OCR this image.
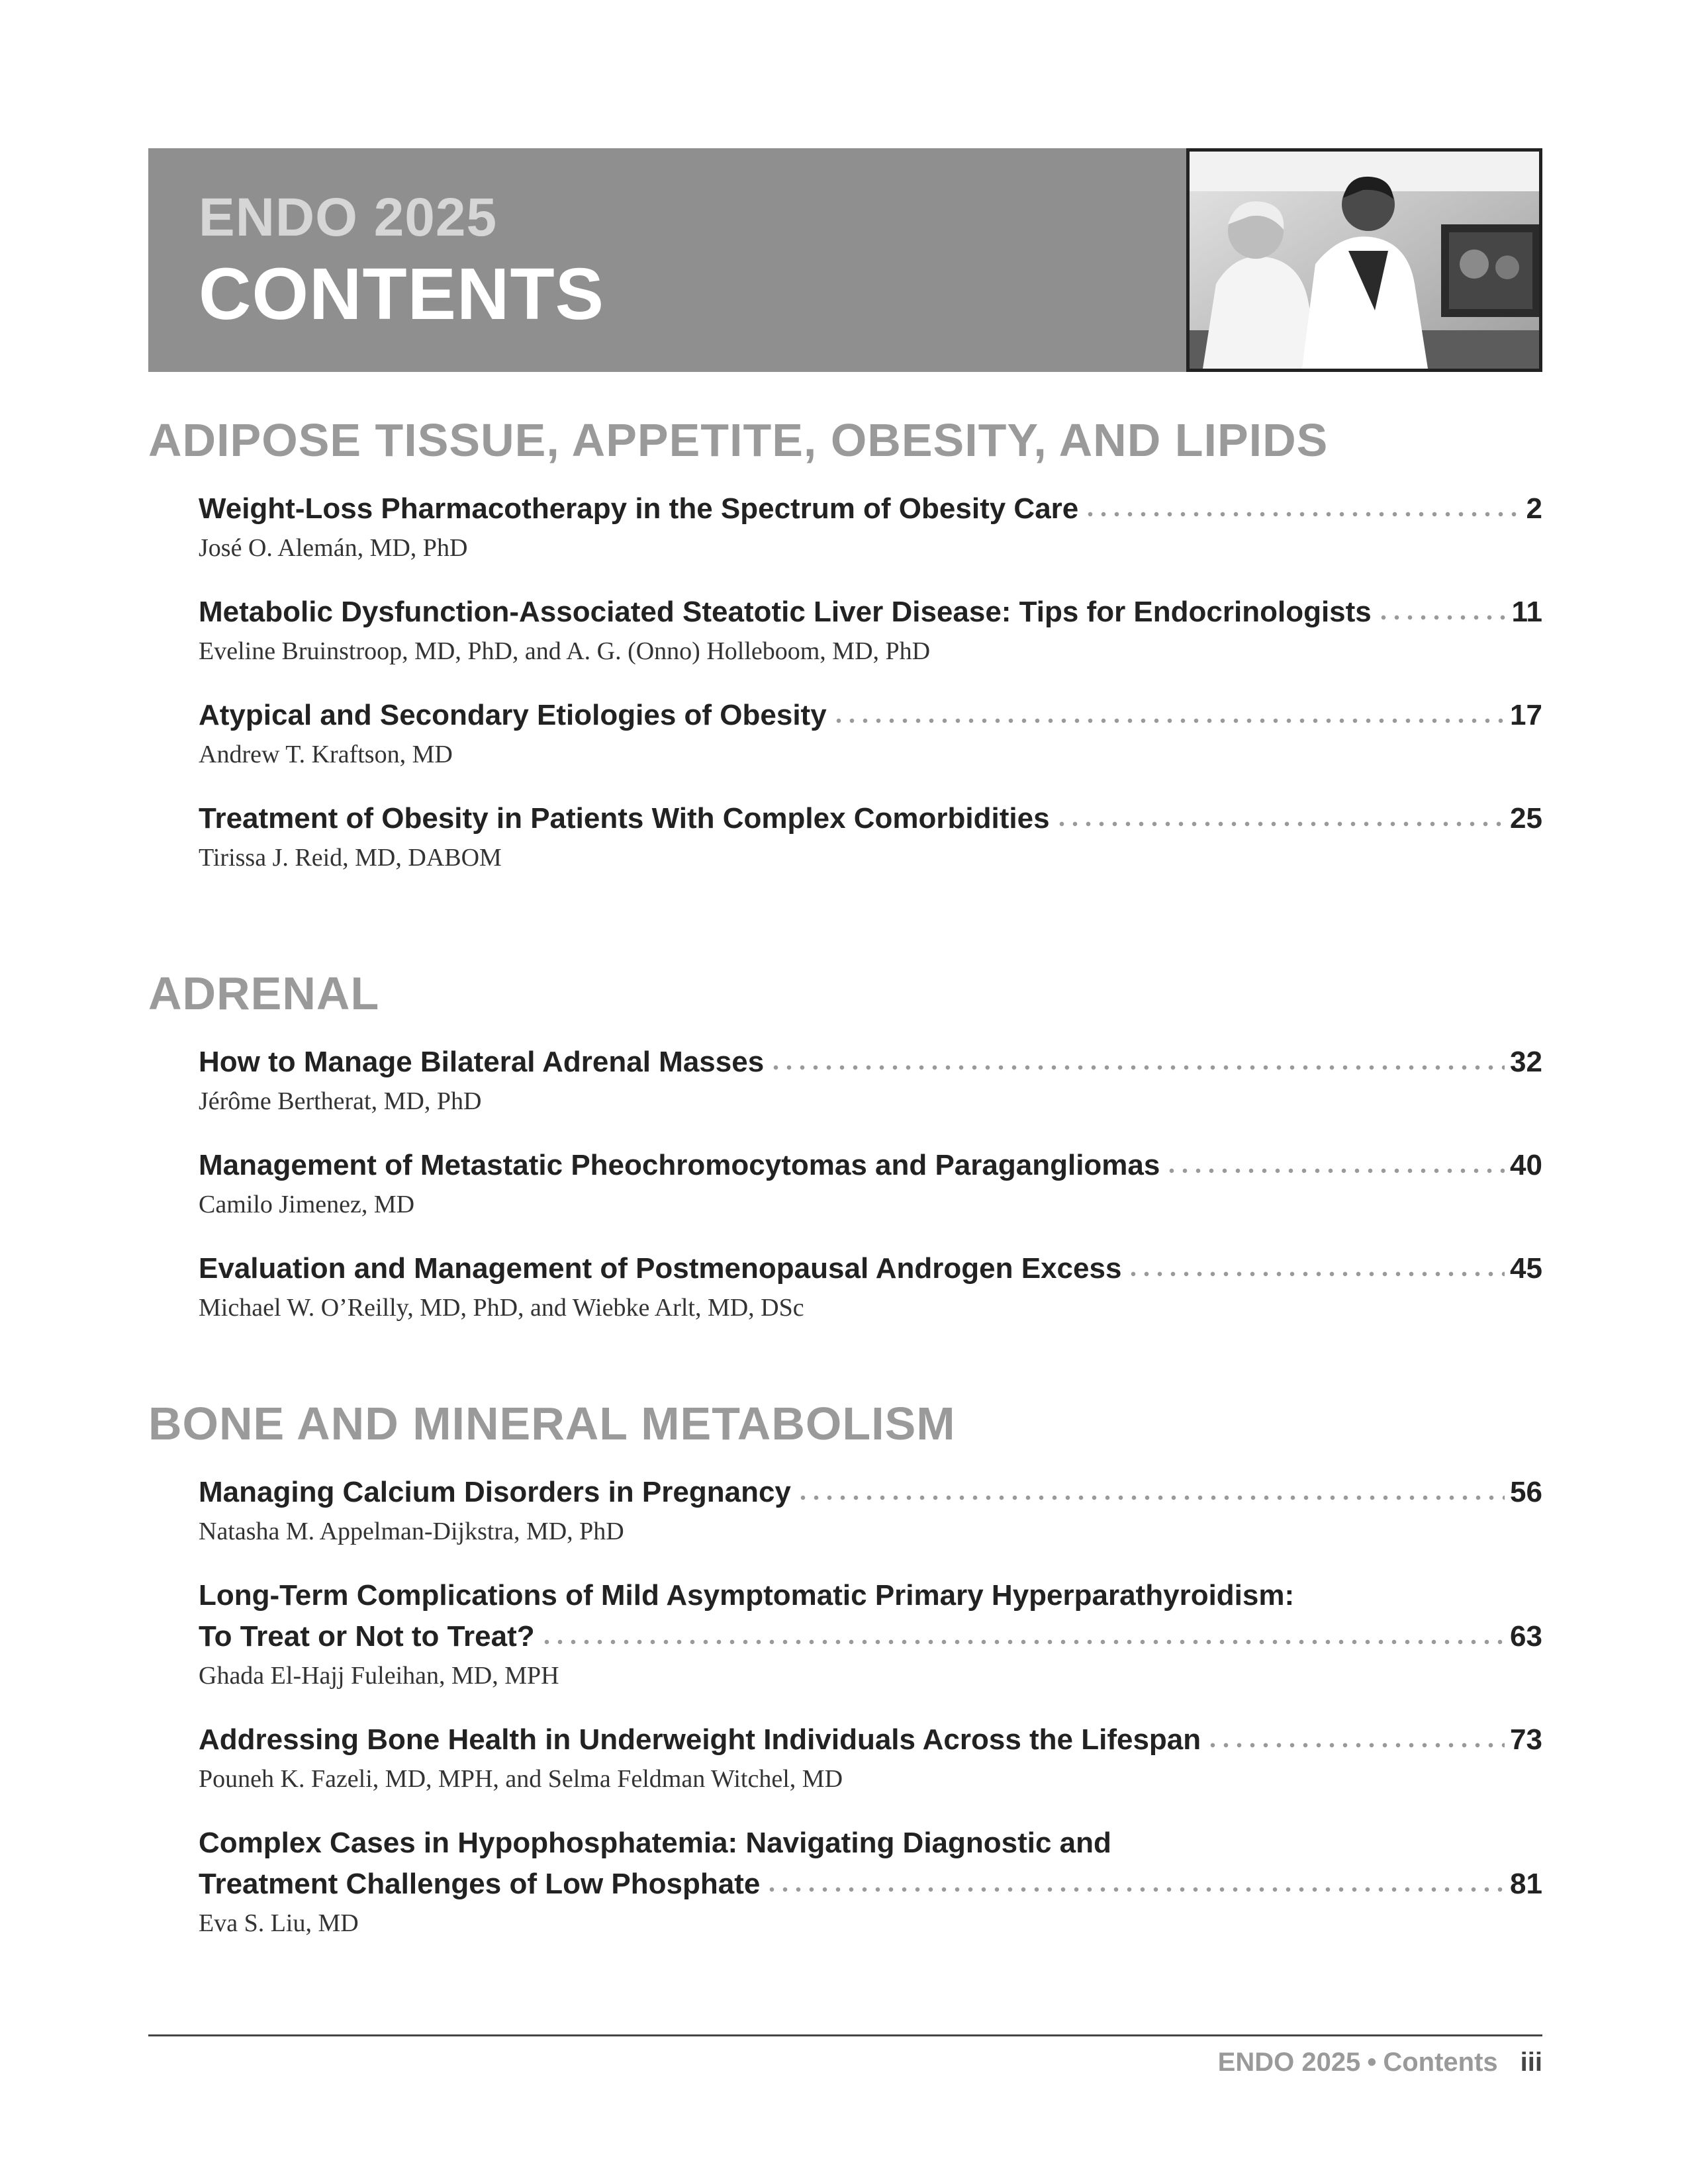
ENDO 2025
CONTENTS
ADIPOSE TISSUE, APPETITE, OBESITY, AND LIPIDS
Weight-Loss Pharmacotherapy in the Spectrum of Obesity Care	2
José O. Alemán, MD, PhD
Metabolic Dysfunction-Associated Steatotic Liver Disease: Tips for Endocrinologists	11
Eveline Bruinstroop, MD, PhD, and A. G. (Onno) Holleboom, MD, PhD
Atypical and Secondary Etiologies of Obesity	17
Andrew T. Kraftson, MD
Treatment of Obesity in Patients With Complex Comorbidities	25
Tirissa J. Reid, MD, DABOM
ADRENAL
How to Manage Bilateral Adrenal Masses	32
Jérôme Bertherat, MD, PhD
Management of Metastatic Pheochromocytomas and Paragangliomas	40
Camilo Jimenez, MD
Evaluation and Management of Postmenopausal Androgen Excess	45
Michael W. O’Reilly, MD, PhD, and Wiebke Arlt, MD, DSc
BONE AND MINERAL METABOLISM
Managing Calcium Disorders in Pregnancy	56
Natasha M. Appelman-Dijkstra, MD, PhD
Long-Term Complications of Mild Asymptomatic Primary Hyperparathyroidism:
To Treat or Not to Treat?	63
Ghada El-Hajj Fuleihan, MD, MPH
Addressing Bone Health in Underweight Individuals Across the Lifespan	73
Pouneh K. Fazeli, MD, MPH, and Selma Feldman Witchel, MD
Complex Cases in Hypophosphatemia: Navigating Diagnostic and
Treatment Challenges of Low Phosphate	81
Eva S. Liu, MD
ENDO 2025 • Contents iii
